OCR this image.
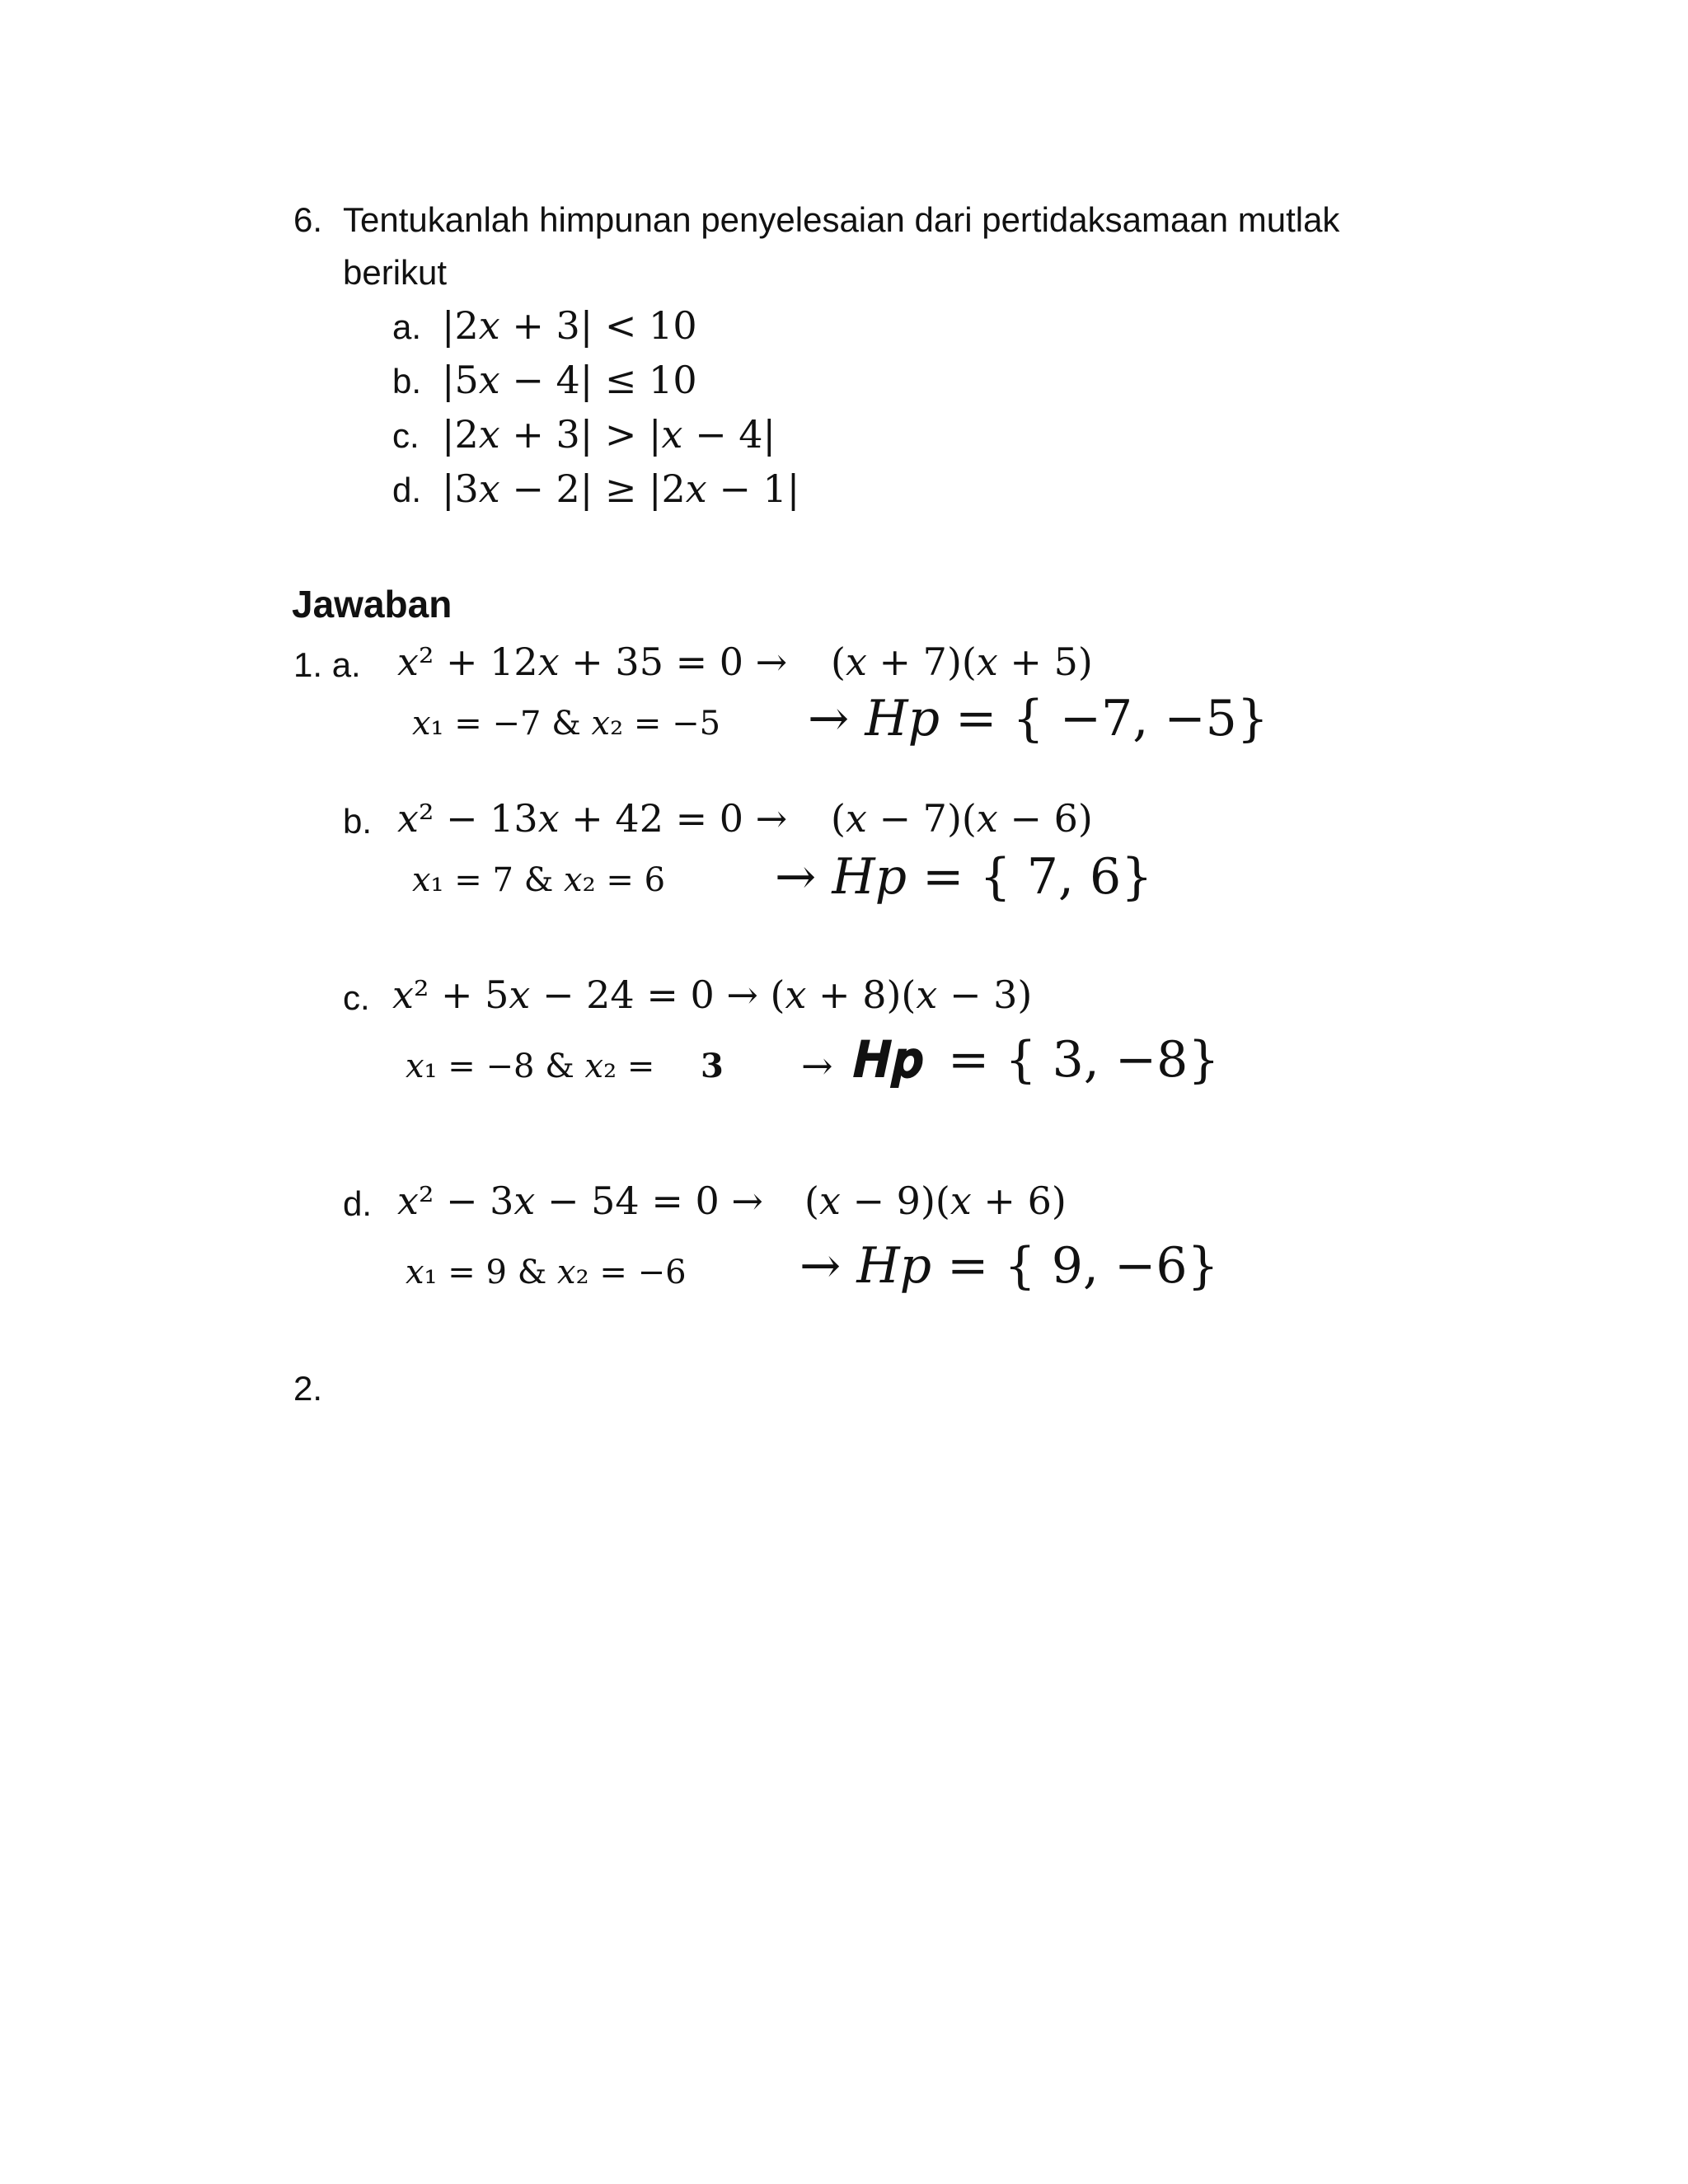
6. Tentukanlah himpunan penyelesaian dari pertidaksamaan mutlak
berikut
a. |2𝑥 + 3| < 10
b. |5𝑥 − 4| ≤ 10
c. |2𝑥 + 3| > |𝑥 − 4|
d. |3𝑥 − 2| ≥ |2𝑥 − 1|
Jawaban
1. a. 𝑥² + 12𝑥 + 35 = 0 → (𝑥 + 7)(𝑥 + 5)
𝑥₁ = −7 & 𝑥₂ = −5 → 𝐻𝑝 = { −7, −5}
b. 𝑥² − 13𝑥 + 42 = 0 → (𝑥 − 7)(𝑥 − 6)
𝑥₁ = 7 & 𝑥₂ = 6 → 𝐻𝑝 = { 7, 6}
c. 𝑥² + 5𝑥 − 24 = 0 → (𝑥 + 8)(𝑥 − 3)
𝑥₁ = −8 & 𝑥₂ = 3 → 𝑯𝒑 = { 3, −8}
d. 𝑥² − 3𝑥 − 54 = 0 → (𝑥 − 9)(𝑥 + 6)
𝑥₁ = 9 & 𝑥₂ = −6 → 𝐻𝑝 = { 9, −6}
2.
